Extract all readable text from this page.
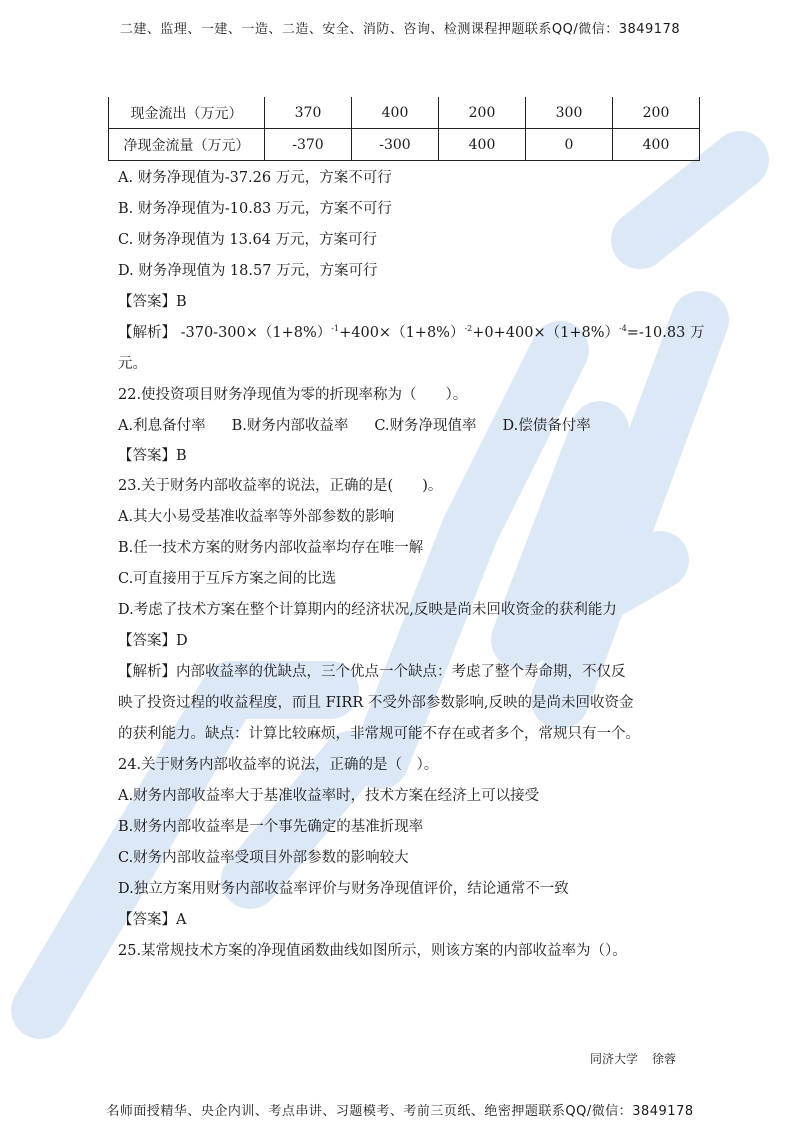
二建、监理、一建、一造、二造、安全、消防、咨询、检测课程押题联系QQ/微信：3849178
现金流出（万元）	370	400	200	300	200
净现金流量（万元）	-370	-300	400	0	400
A. 财务净现值为-37.26 万元，方案不可行
B. 财务净现值为-10.83 万元，方案不可行
C. 财务净现值为 13.64 万元，方案可行
D. 财务净现值为 18.57 万元，方案可行
【答案】B
【解析】 $-370-300\times(1+8\%)^{-1}+400\times(1+8\%)^{-2}+0+400\times(1+8\%)^{-4}=-10.83$ 万
元。
22.使投资项目财务净现值为零的折现率称为（　　）。
A.利息备付率 B.财务内部收益率 C.财务净现值率 D.偿债备付率
【答案】B
23.关于财务内部收益率的说法，正确的是(　　)。
A.其大小易受基准收益率等外部参数的影响
B.任一技术方案的财务内部收益率均存在唯一解
C.可直接用于互斥方案之间的比选
D.考虑了技术方案在整个计算期内的经济状况,反映是尚未回收资金的获利能力
【答案】D
【解析】内部收益率的优缺点，三个优点一个缺点：考虑了整个寿命期，不仅反
映了投资过程的收益程度，而且 FIRR 不受外部参数影响,反映的是尚未回收资金
的获利能力。缺点：计算比较麻烦，非常规可能不存在或者多个，常规只有一个。
24.关于财务内部收益率的说法，正确的是（　）。
A.财务内部收益率大于基准收益率时，技术方案在经济上可以接受
B.财务内部收益率是一个事先确定的基准折现率
C.财务内部收益率受项目外部参数的影响较大
D.独立方案用财务内部收益率评价与财务净现值评价，结论通常不一致
【答案】A
25.某常规技术方案的净现值函数曲线如图所示，则该方案的内部收益率为（）。
同济大学 徐蓉
名师面授精华、央企内训、考点串讲、习题模考、考前三页纸、绝密押题联系QQ/微信：3849178
